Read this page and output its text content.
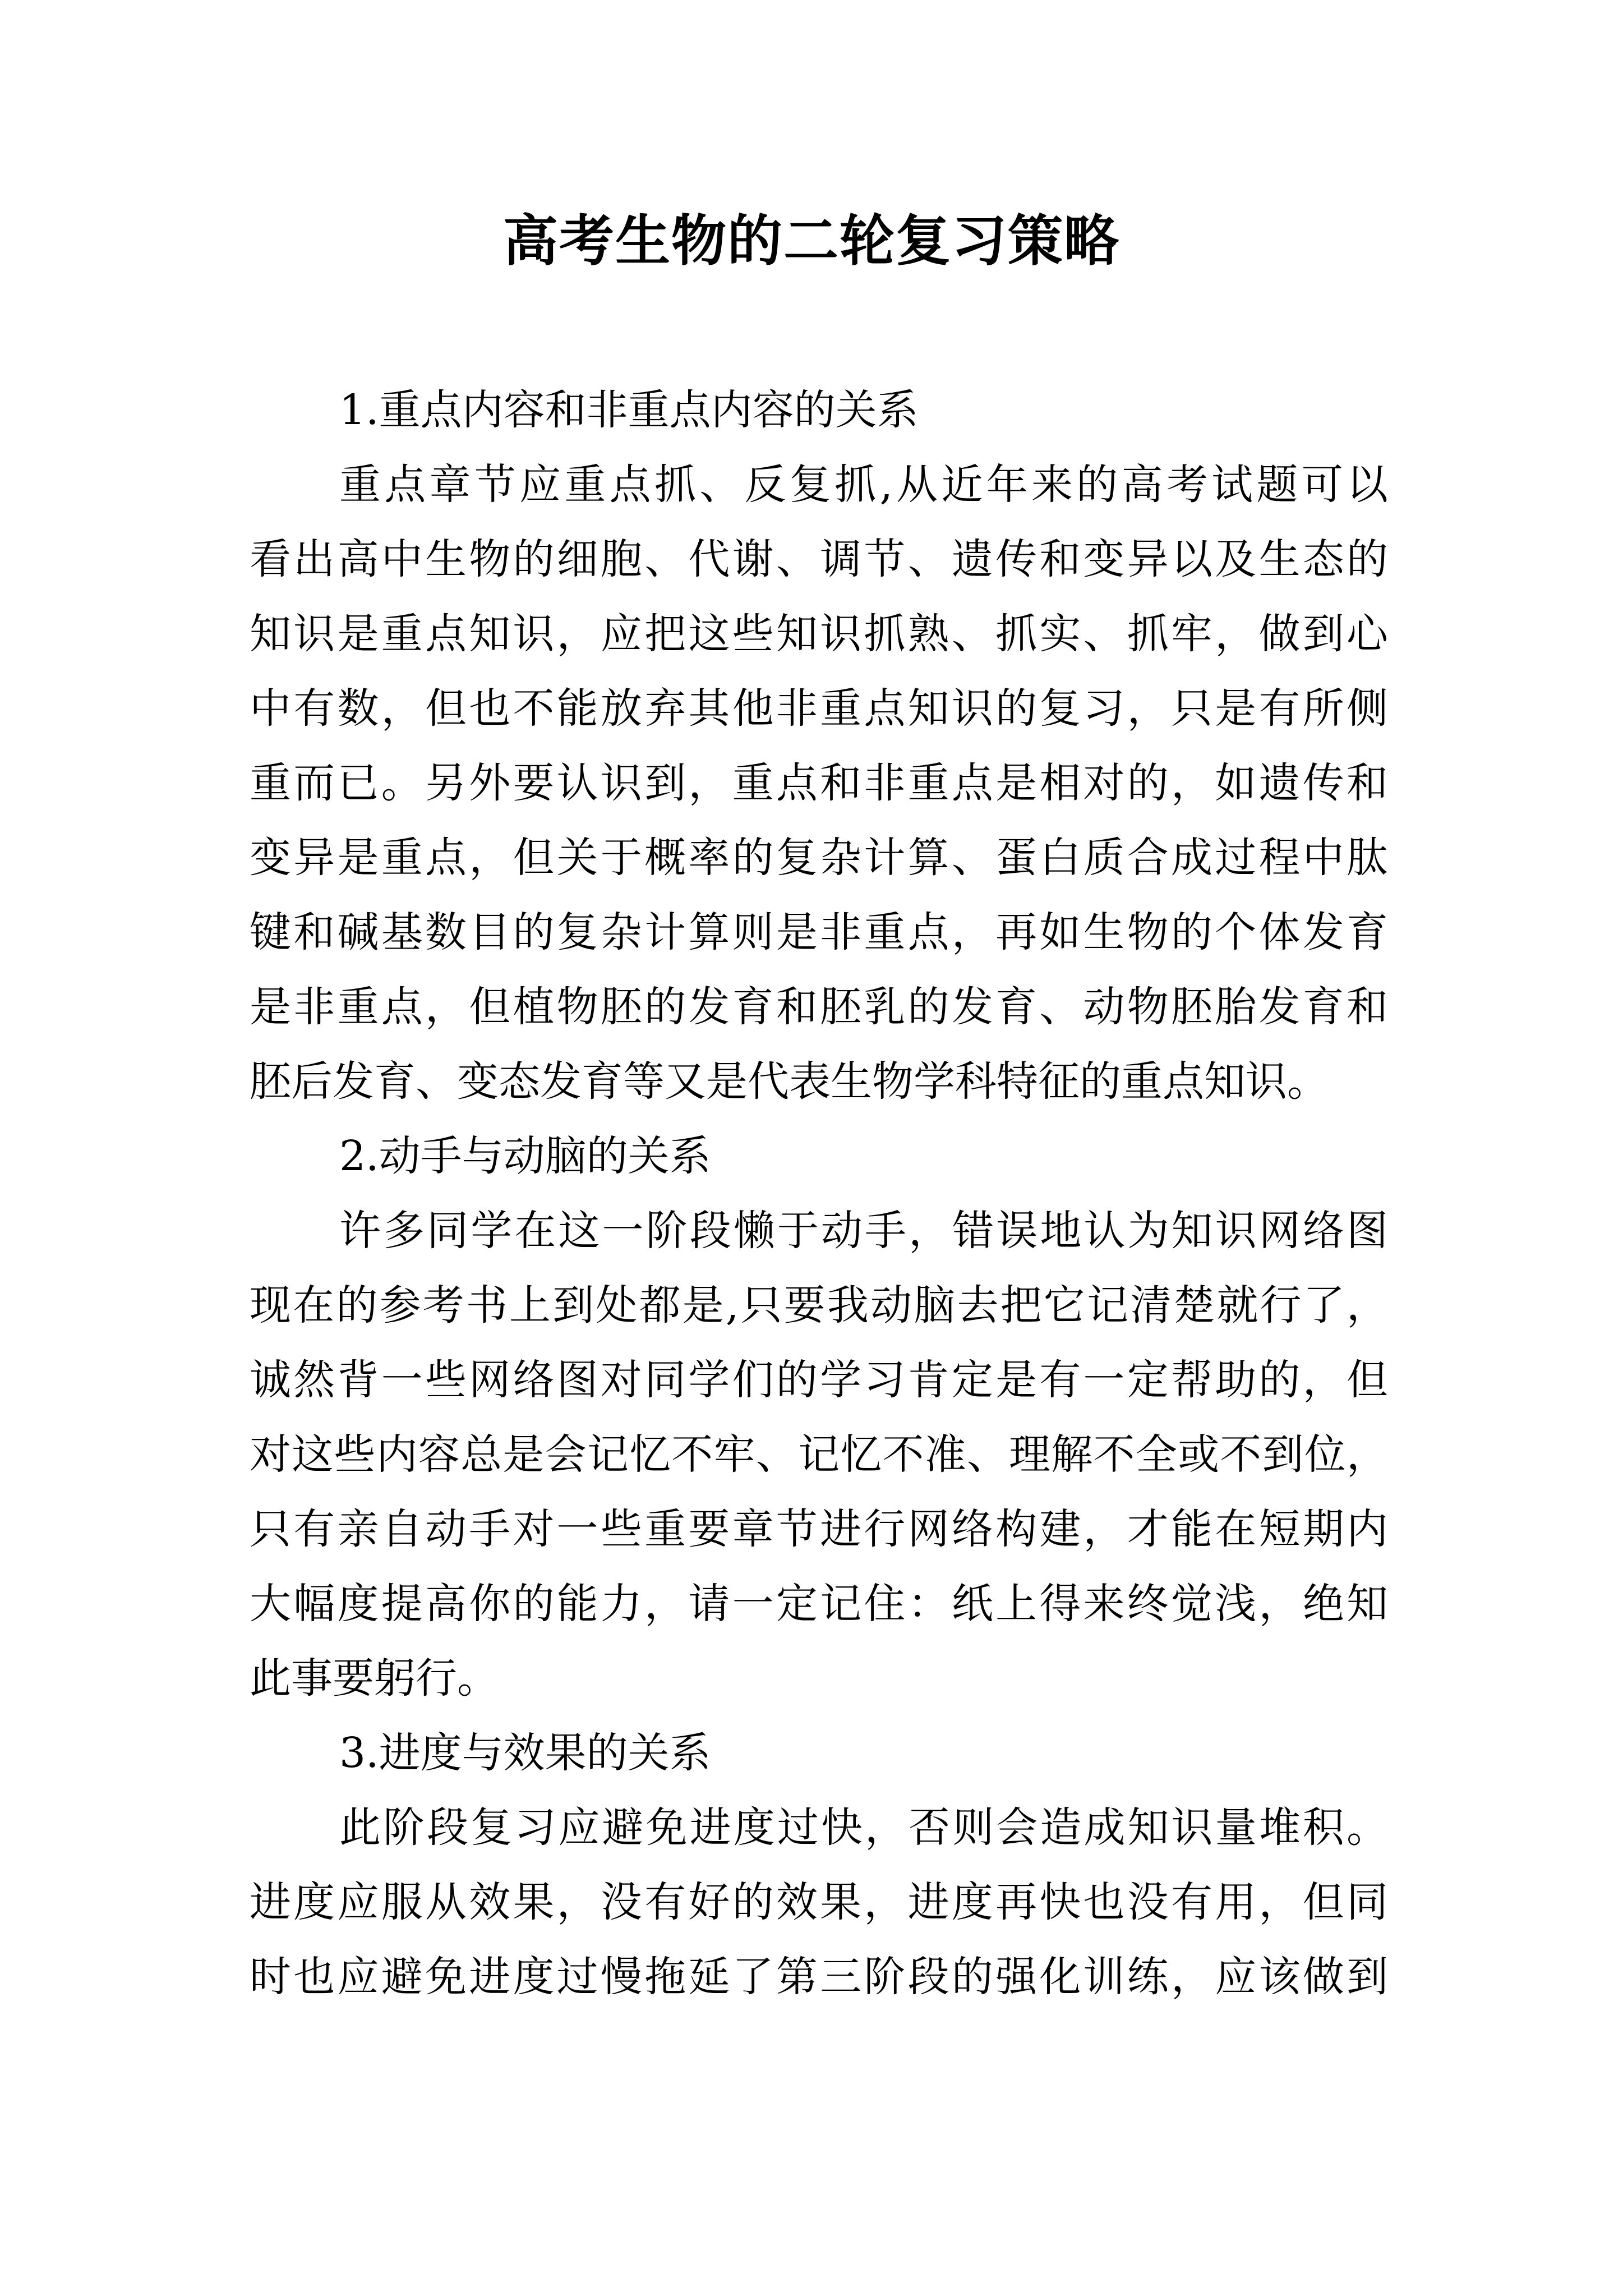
高考生物的二轮复习策略
1.重点内容和非重点内容的关系
重点章节应重点抓、反复抓,从近年来的高考试题可以
看出高中生物的细胞、代谢、调节、遗传和变异以及生态的
知识是重点知识，应把这些知识抓熟、抓实、抓牢，做到心
中有数，但也不能放弃其他非重点知识的复习，只是有所侧
重而已。另外要认识到，重点和非重点是相对的，如遗传和
变异是重点，但关于概率的复杂计算、蛋白质合成过程中肽
键和碱基数目的复杂计算则是非重点，再如生物的个体发育
是非重点，但植物胚的发育和胚乳的发育、动物胚胎发育和
胚后发育、变态发育等又是代表生物学科特征的重点知识。
2.动手与动脑的关系
许多同学在这一阶段懒于动手，错误地认为知识网络图
现在的参考书上到处都是,只要我动脑去把它记清楚就行了，
诚然背一些网络图对同学们的学习肯定是有一定帮助的，但
对这些内容总是会记忆不牢、记忆不准、理解不全或不到位，
只有亲自动手对一些重要章节进行网络构建，才能在短期内
大幅度提高你的能力，请一定记住：纸上得来终觉浅，绝知
此事要躬行。
3.进度与效果的关系
此阶段复习应避免进度过快，否则会造成知识量堆积。
进度应服从效果，没有好的效果，进度再快也没有用，但同
时也应避免进度过慢拖延了第三阶段的强化训练，应该做到
